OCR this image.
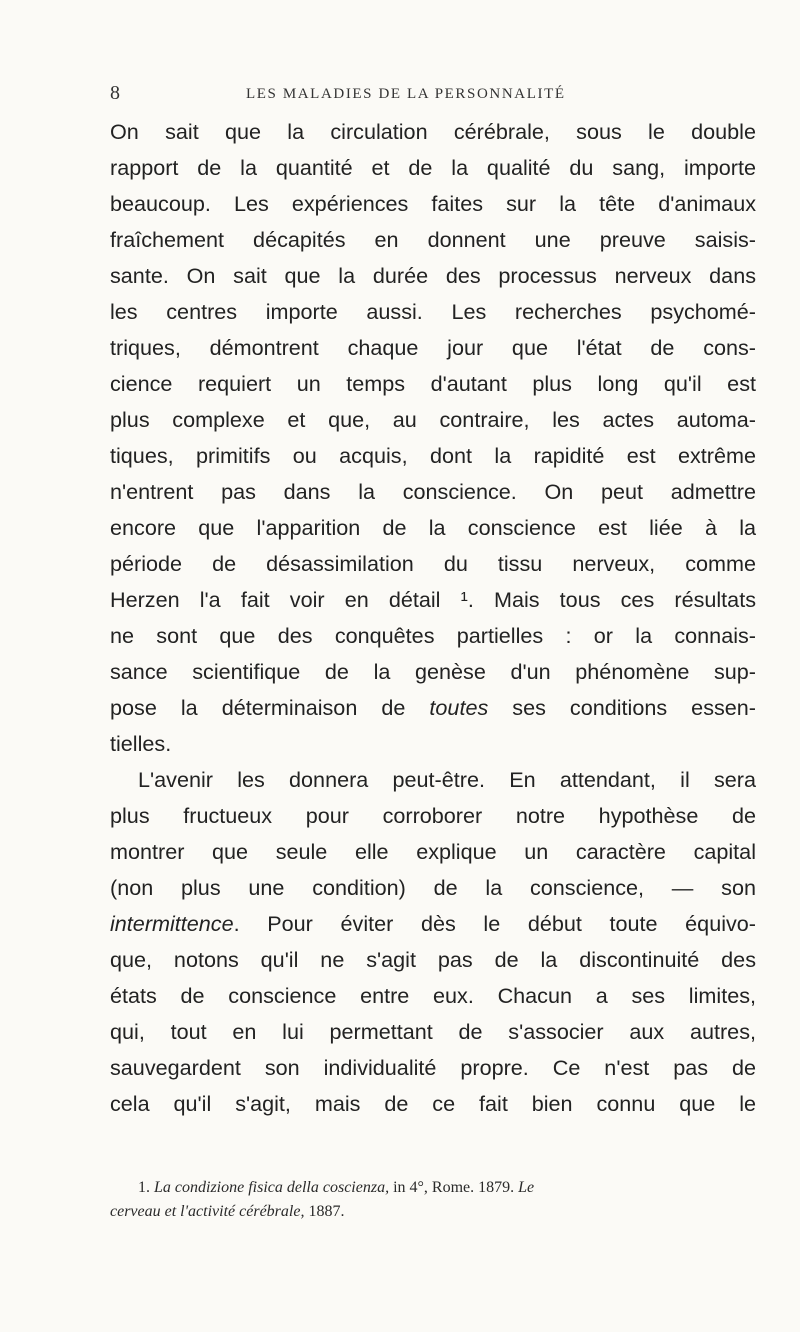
8	LES MALADIES DE LA PERSONNALITÉ
On sait que la circulation cérébrale, sous le double
rapport de la quantité et de la qualité du sang, importe
beaucoup. Les expériences faites sur la tête d'animaux
fraîchement décapités en donnent une preuve saisis-
sante. On sait que la durée des processus nerveux dans
les centres importe aussi. Les recherches psychomé-
triques, démontrent chaque jour que l'état de cons-
cience requiert un temps d'autant plus long qu'il est
plus complexe et que, au contraire, les actes automa-
tiques, primitifs ou acquis, dont la rapidité est extrême
n'entrent pas dans la conscience. On peut admettre
encore que l'apparition de la conscience est liée à la
période de désassimilation du tissu nerveux, comme
Herzen l'a fait voir en détail ¹. Mais tous ces résultats
ne sont que des conquêtes partielles : or la connais-
sance scientifique de la genèse d'un phénomène sup-
pose la déterminaison de toutes ses conditions essen-
tielles.
L'avenir les donnera peut-être. En attendant, il sera
plus fructueux pour corroborer notre hypothèse de
montrer que seule elle explique un caractère capital
(non plus une condition) de la conscience, — son
intermittence. Pour éviter dès le début toute équivo-
que, notons qu'il ne s'agit pas de la discontinuité des
états de conscience entre eux. Chacun a ses limites,
qui, tout en lui permettant de s'associer aux autres,
sauvegardent son individualité propre. Ce n'est pas de
cela qu'il s'agit, mais de ce fait bien connu que le
1. La condizione fisica della coscienza, in 4°, Rome. 1879. Le
cerveau et l'activité cérébrale, 1887.
